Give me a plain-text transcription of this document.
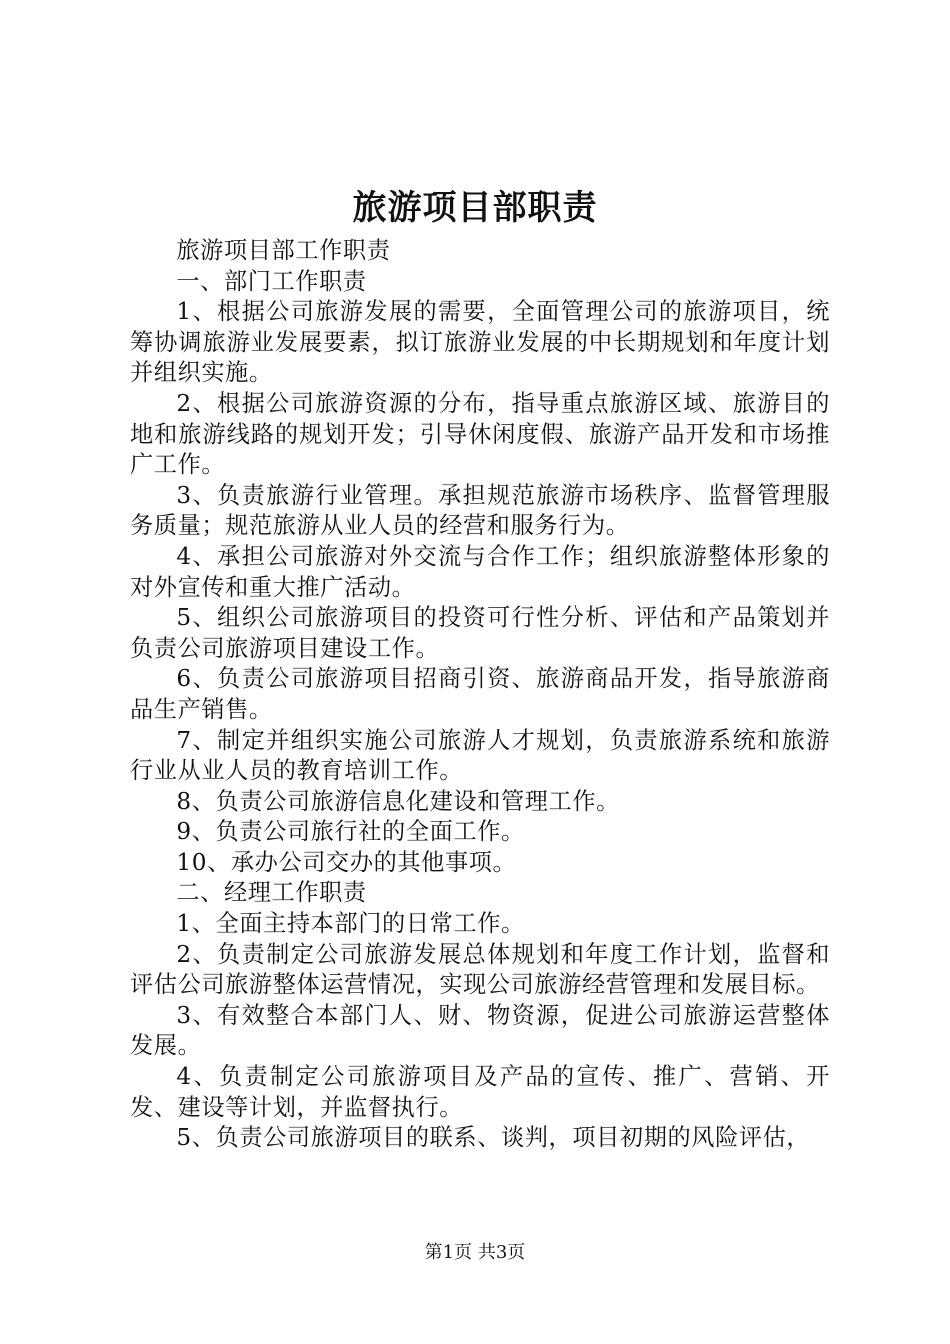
旅游项目部职责

旅游项目部工作职责

一、部门工作职责

1、根据公司旅游发展的需要，全面管理公司的旅游项目，统筹协调旅游业发展要素，拟订旅游业发展的中长期规划和年度计划并组织实施。

2、根据公司旅游资源的分布，指导重点旅游区域、旅游目的地和旅游线路的规划开发；引导休闲度假、旅游产品开发和市场推广工作。

3、负责旅游行业管理。承担规范旅游市场秩序、监督管理服务质量；规范旅游从业人员的经营和服务行为。

4、承担公司旅游对外交流与合作工作；组织旅游整体形象的对外宣传和重大推广活动。

5、组织公司旅游项目的投资可行性分析、评估和产品策划并负责公司旅游项目建设工作。

6、负责公司旅游项目招商引资、旅游商品开发，指导旅游商品生产销售。

7、制定并组织实施公司旅游人才规划，负责旅游系统和旅游行业从业人员的教育培训工作。

8、负责公司旅游信息化建设和管理工作。

9、负责公司旅行社的全面工作。

10、承办公司交办的其他事项。

二、经理工作职责

1、全面主持本部门的日常工作。

2、负责制定公司旅游发展总体规划和年度工作计划，监督和评估公司旅游整体运营情况，实现公司旅游经营管理和发展目标。

3、有效整合本部门人、财、物资源，促进公司旅游运营整体发展。

4、负责制定公司旅游项目及产品的宣传、推广、营销、开发、建设等计划，并监督执行。

5、负责公司旅游项目的联系、谈判，项目初期的风险评估，

第1页 共3页
